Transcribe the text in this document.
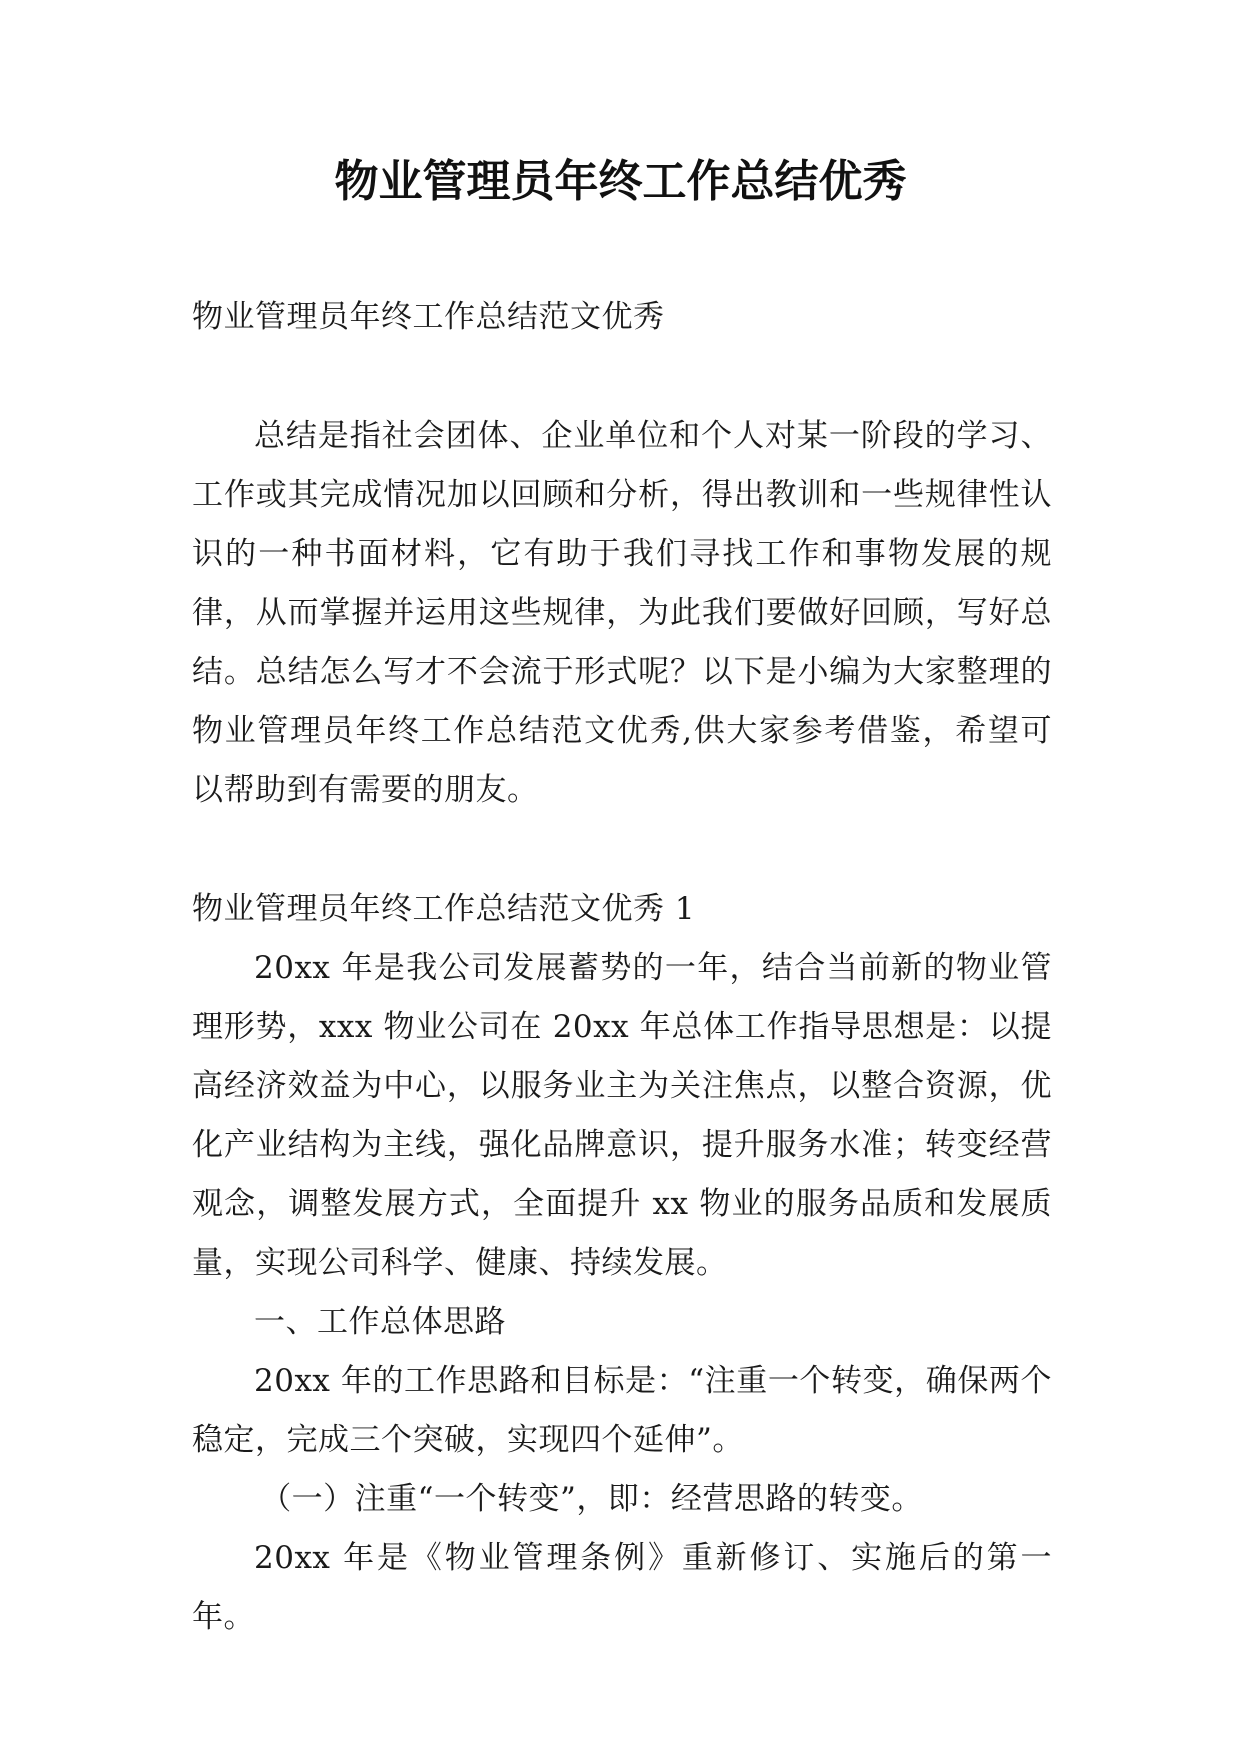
物业管理员年终工作总结优秀

物业管理员年终工作总结范文优秀

总结是指社会团体、企业单位和个人对某一阶段的学习、工作或其完成情况加以回顾和分析，得出教训和一些规律性认识的一种书面材料，它有助于我们寻找工作和事物发展的规律，从而掌握并运用这些规律，为此我们要做好回顾，写好总结。总结怎么写才不会流于形式呢？以下是小编为大家整理的物业管理员年终工作总结范文优秀,供大家参考借鉴，希望可以帮助到有需要的朋友。

物业管理员年终工作总结范文优秀 1

20xx 年是我公司发展蓄势的一年，结合当前新的物业管理形势，xxx 物业公司在 20xx 年总体工作指导思想是：以提高经济效益为中心，以服务业主为关注焦点，以整合资源，优化产业结构为主线，强化品牌意识，提升服务水准；转变经营观念，调整发展方式，全面提升 xx 物业的服务品质和发展质量，实现公司科学、健康、持续发展。

一、工作总体思路

20xx 年的工作思路和目标是：“注重一个转变，确保两个稳定，完成三个突破，实现四个延伸”。

（一）注重“一个转变”，即：经营思路的转变。

20xx 年是《物业管理条例》重新修订、实施后的第一年。
